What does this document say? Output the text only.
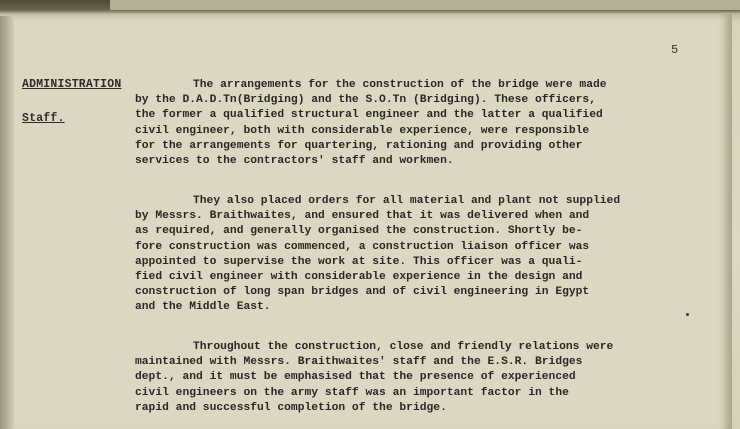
5
ADMINISTRATION
Staff.
The arrangements for the construction of the bridge were made
by the D.A.D.Tn(Bridging) and the S.O.Tn (Bridging). These officers,
the former a qualified structural engineer and the latter a qualified
civil engineer, both with considerable experience, were responsible
for the arrangements for quartering, rationing and providing other
services to the contractors' staff and workmen.
They also placed orders for all material and plant not supplied
by Messrs. Braithwaites, and ensured that it was delivered when and
as required, and generally organised the construction. Shortly be-
fore construction was commenced, a construction liaison officer was
appointed to supervise the work at site. This officer was a quali-
fied civil engineer with considerable experience in the design and
construction of long span bridges and of civil engineering in Egypt
and the Middle East.
Throughout the construction, close and friendly relations were
maintained with Messrs. Braithwaites' staff and the E.S.R. Bridges
dept., and it must be emphasised that the presence of experienced
civil engineers on the army staff was an important factor in the
rapid and successful completion of the bridge.
